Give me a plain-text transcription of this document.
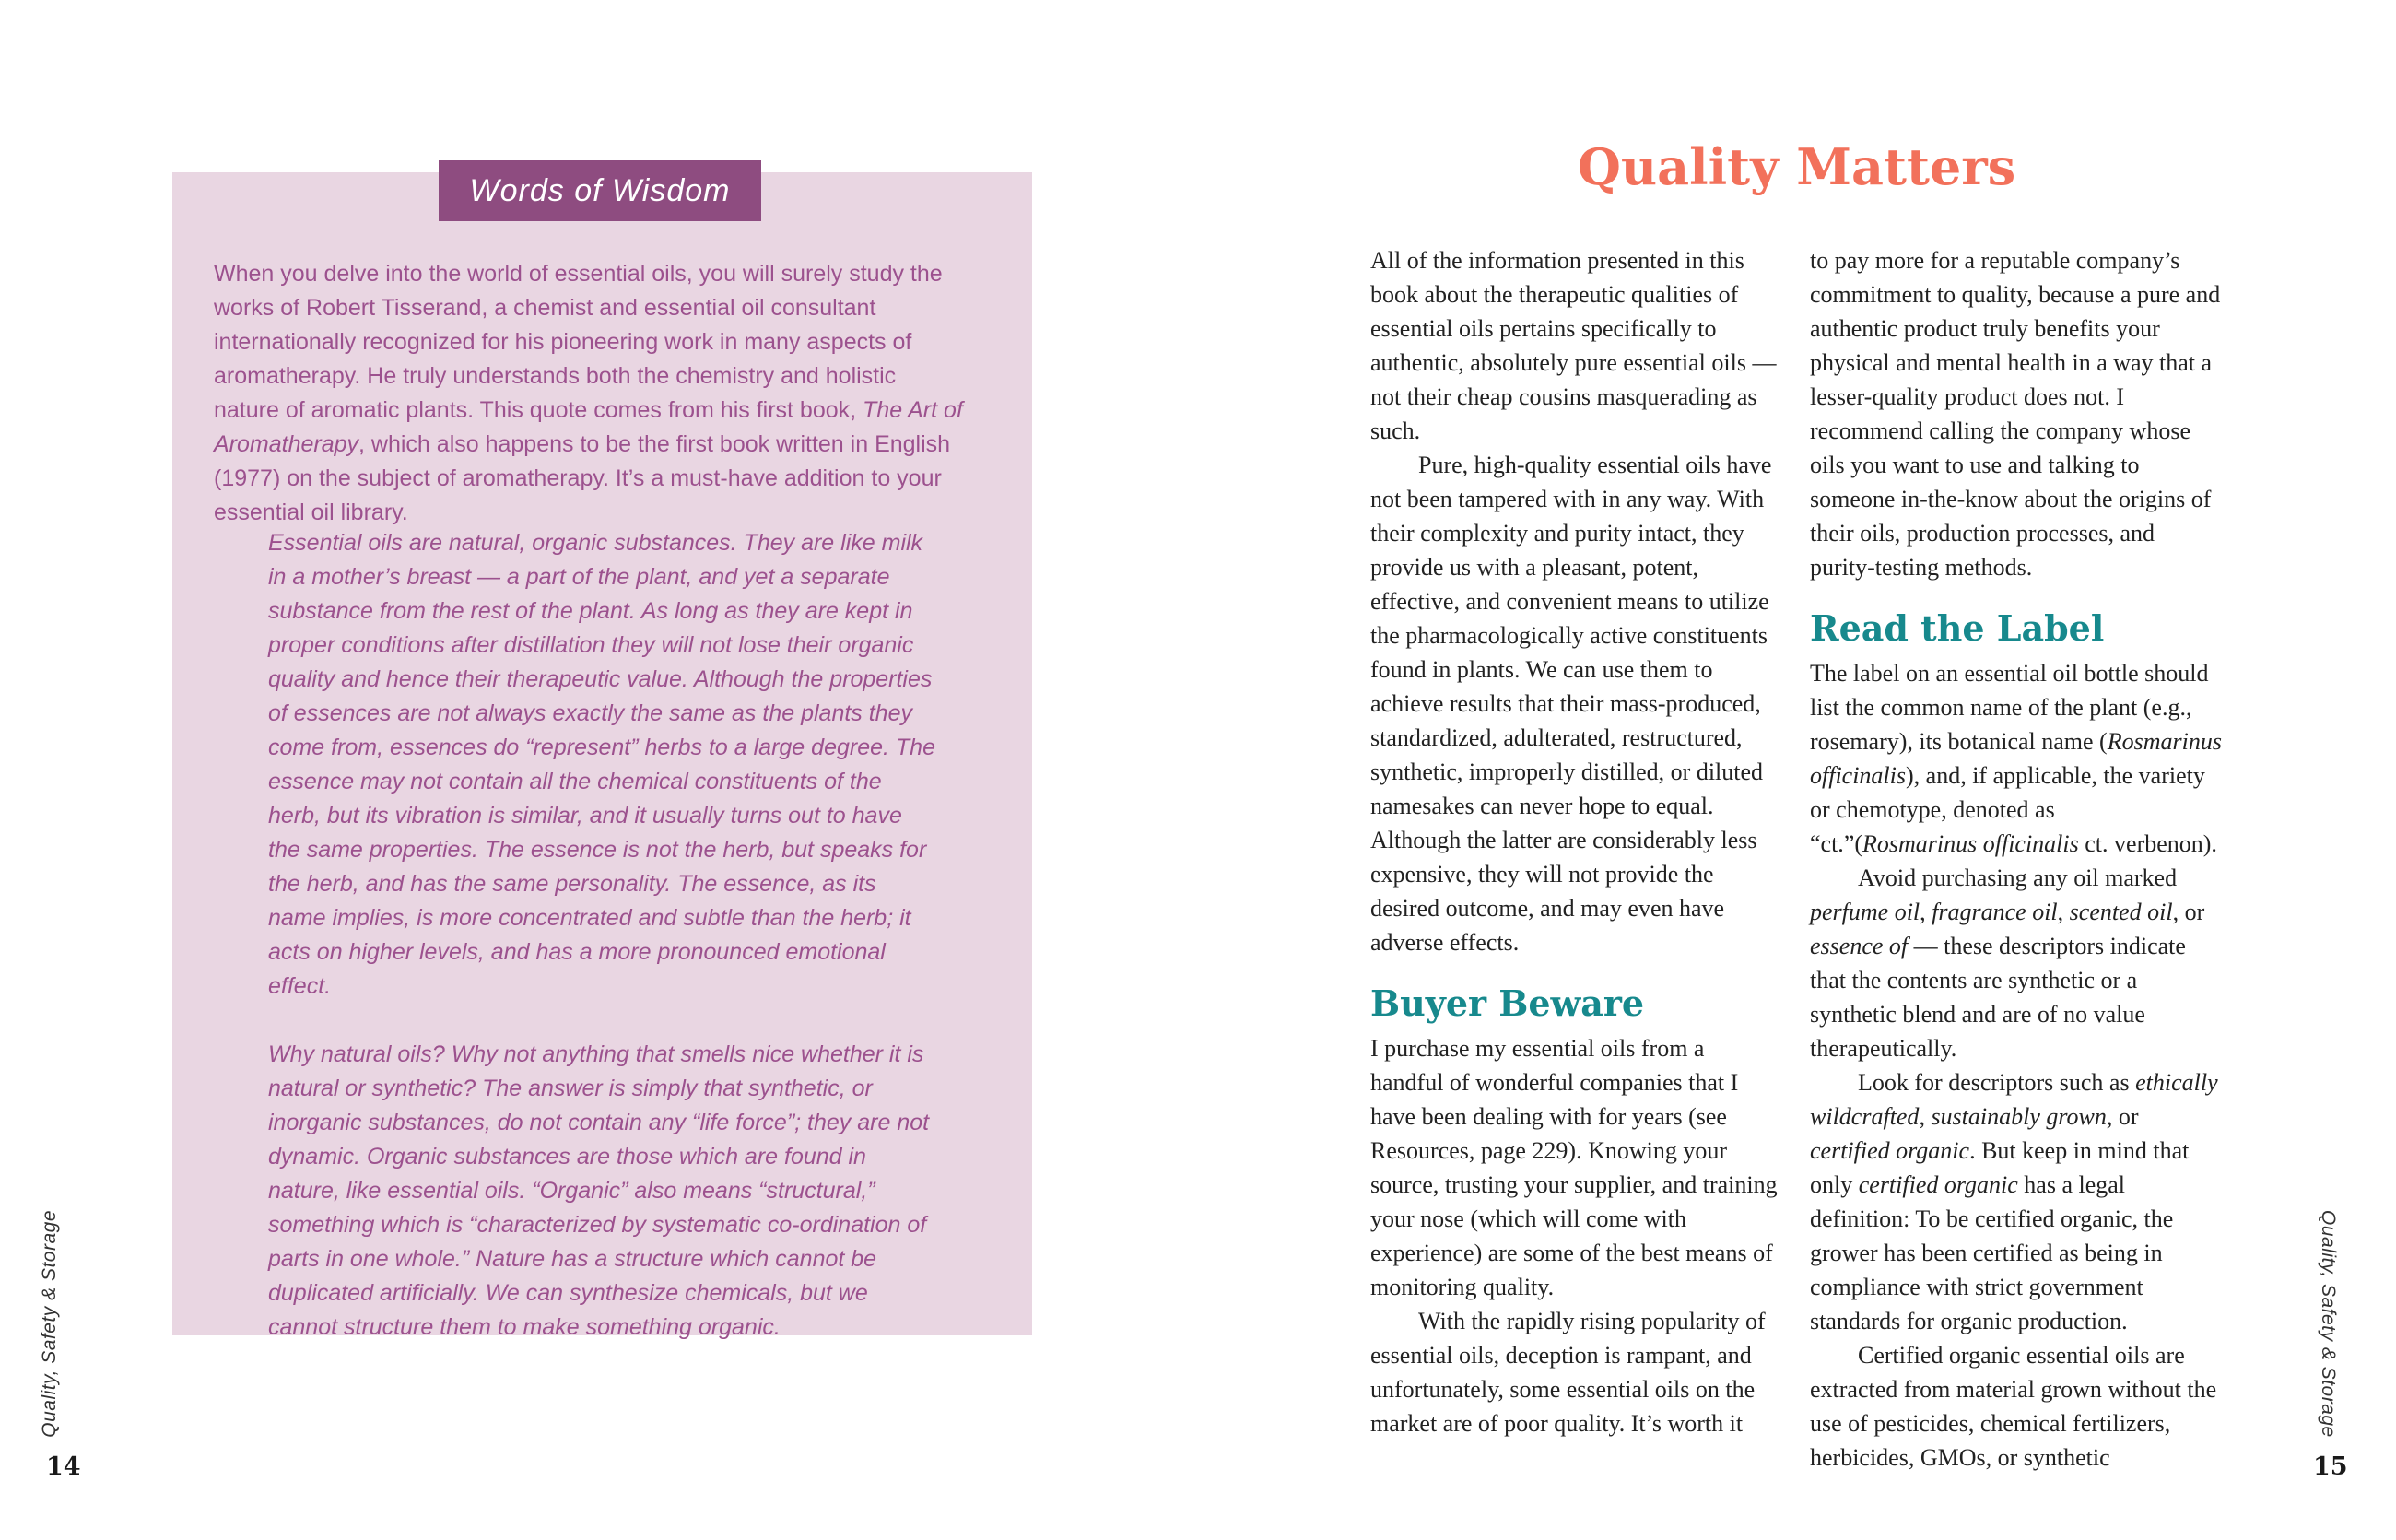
Words of Wisdom

When you delve into the world of essential oils, you will surely study the works of Robert Tisserand, a chemist and essential oil consultant internationally recognized for his pioneering work in many aspects of aromatherapy. He truly understands both the chemistry and holistic nature of aromatic plants. This quote comes from his first book, The Art of Aromatherapy, which also happens to be the first book written in English (1977) on the subject of aromatherapy. It’s a must-have addition to your essential oil library.

Essential oils are natural, organic substances. They are like milk in a mother’s breast — a part of the plant, and yet a separate substance from the rest of the plant. As long as they are kept in proper conditions after distillation they will not lose their organic quality and hence their therapeutic value. Although the properties of essences are not always exactly the same as the plants they come from, essences do “represent” herbs to a large degree. The essence may not contain all the chemical constituents of the herb, but its vibration is similar, and it usually turns out to have the same properties. The essence is not the herb, but speaks for the herb, and has the same personality. The essence, as its name implies, is more concentrated and subtle than the herb; it acts on higher levels, and has a more pronounced emotional effect.

Why natural oils? Why not anything that smells nice whether it is natural or synthetic? The answer is simply that synthetic, or inorganic substances, do not contain any “life force”; they are not dynamic. Organic substances are those which are found in nature, like essential oils. “Organic” also means “structural,” something which is “characterized by systematic co-ordination of parts in one whole.” Nature has a structure which cannot be duplicated artificially. We can synthesize chemicals, but we cannot structure them to make something organic.

Quality, Safety & Storage
14
Quality Matters

All of the information presented in this book about the therapeutic qualities of essential oils pertains specifically to authentic, absolutely pure essential oils — not their cheap cousins masquerading as such.

Pure, high-quality essential oils have not been tampered with in any way. With their complexity and purity intact, they provide us with a pleasant, potent, effective, and convenient means to utilize the pharmacologically active constituents found in plants. We can use them to achieve results that their mass-produced, standardized, adulterated, restructured, synthetic, improperly distilled, or diluted namesakes can never hope to equal. Although the latter are considerably less expensive, they will not provide the desired outcome, and may even have adverse effects.

Buyer Beware

I purchase my essential oils from a handful of wonderful companies that I have been dealing with for years (see Resources, page 229). Knowing your source, trusting your supplier, and training your nose (which will come with experience) are some of the best means of monitoring quality.

With the rapidly rising popularity of essential oils, deception is rampant, and unfortunately, some essential oils on the market are of poor quality. It’s worth it

to pay more for a reputable company’s commitment to quality, because a pure and authentic product truly benefits your physical and mental health in a way that a lesser-quality product does not. I recommend calling the company whose oils you want to use and talking to someone in-the-know about the origins of their oils, production processes, and purity-testing methods.

Read the Label

The label on an essential oil bottle should list the common name of the plant (e.g., rosemary), its botanical name (Rosmarinus officinalis), and, if applicable, the variety or chemotype, denoted as “ct.”(Rosmarinus officinalis ct. verbenon).

Avoid purchasing any oil marked perfume oil, fragrance oil, scented oil, or essence of — these descriptors indicate that the contents are synthetic or a synthetic blend and are of no value therapeutically.

Look for descriptors such as ethically wildcrafted, sustainably grown, or certified organic. But keep in mind that only certified organic has a legal definition: To be certified organic, the grower has been certified as being in compliance with strict government standards for organic production.

Certified organic essential oils are extracted from material grown without the use of pesticides, chemical fertilizers, herbicides, GMOs, or synthetic

Quality, Safety & Storage
15
